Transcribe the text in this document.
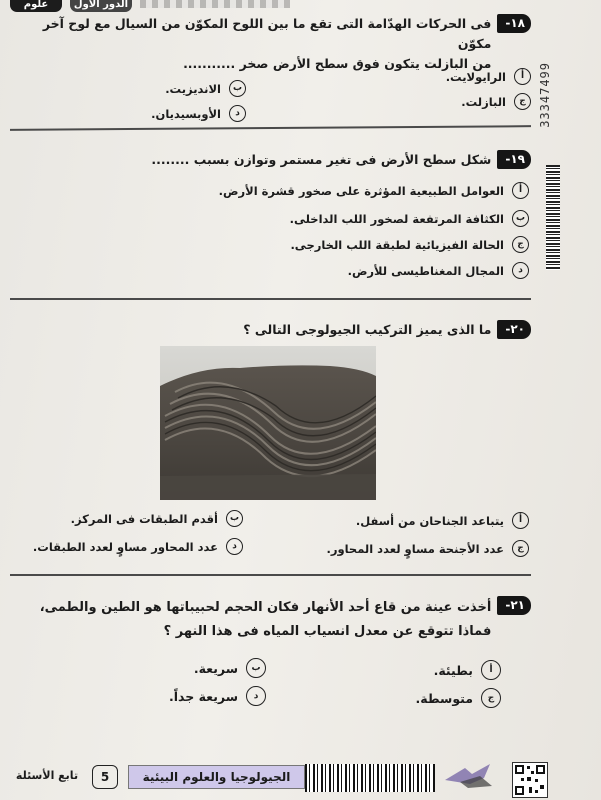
علوم	الدور الأول
33347499
١٨-
فى الحركات الهدّامة التى تقع ما بين اللوح المكوّن من السيال مع لوح آخر مكوّن
من البازلت يتكون فوق سطح الأرض صخر ...........
أ
الرايولايت.
ب
الانديزيت.
ج
البازلت.
د
الأوبسيديان.
١٩-
شكل سطح الأرض فى تغير مستمر وتوازن بسبب ........
أ
العوامل الطبيعية المؤثرة على صخور قشرة الأرض.
ب
الكثافة المرتفعة لصخور اللب الداخلى.
ج
الحالة الفيزيائية لطبقة اللب الخارجى.
د
المجال المغناطيسى للأرض.
٢٠-
ما الذى يميز التركيب الجيولوجى التالى ؟
أ
يتباعد الجناحان من أسفل.
ب
أقدم الطبقات فى المركز.
ج
عدد الأجنحة مساوٍ لعدد المحاور.
د
عدد المحاور مساوٍ لعدد الطبقات.
٢١-
أخذت عينة من قاع أحد الأنهار فكان الحجم لحبيباتها هو الطين والطمى،
فماذا تتوقع عن معدل انسياب المياه فى هذا النهر ؟
أ
بطيئة.
ب
سريعة.
ج
متوسطة.
د
سريعة جداً.
الجيولوجيا والعلوم البيئية
5
تابع الأسئلة
